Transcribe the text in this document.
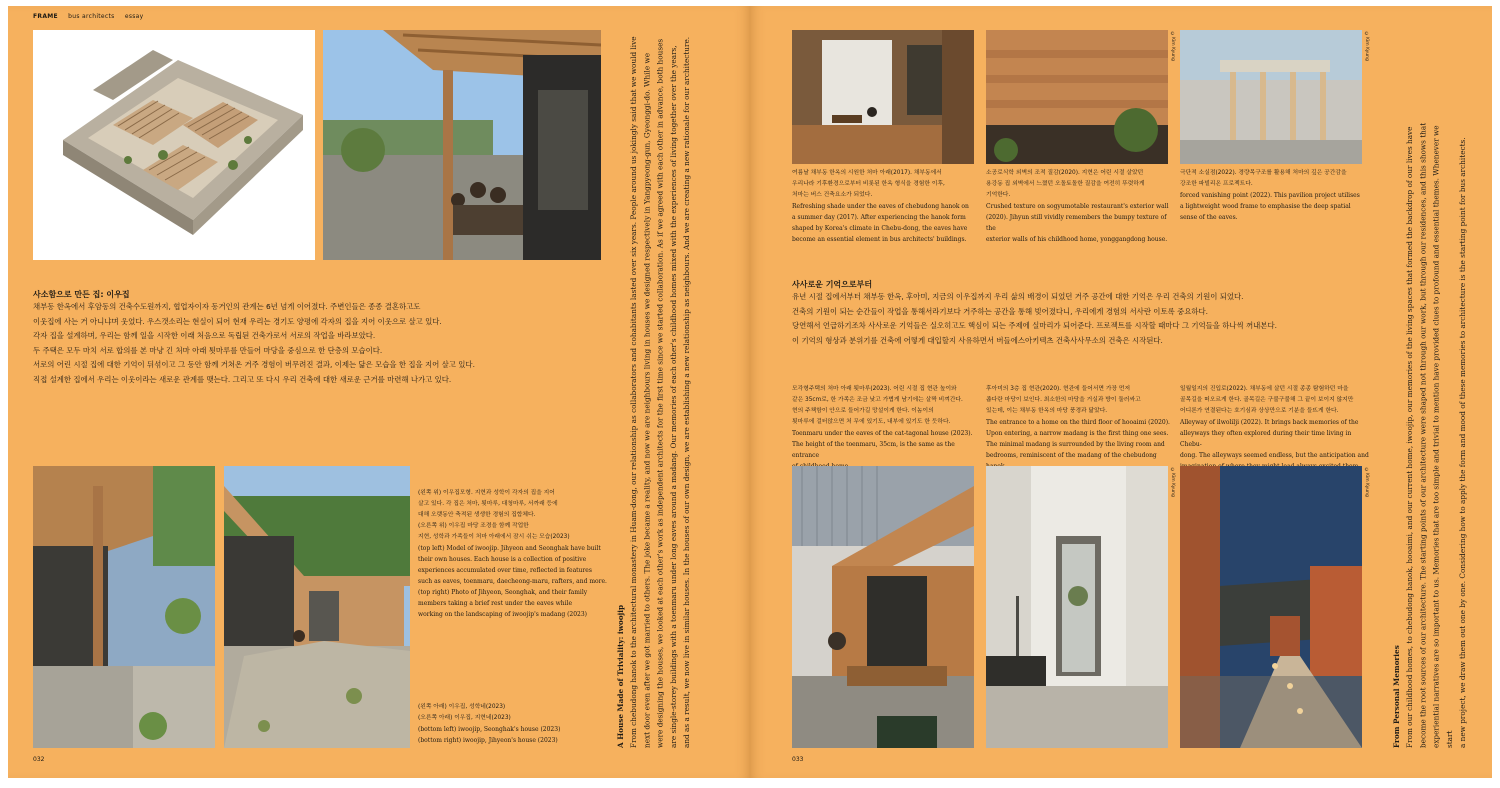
FRAME bus architects essay
사소함으로 만든 집: 이우집
채부동 한옥에서 후암동의 건축수도원까지, 협업자이자 동거인의 관계는 6년 넘게 이어졌다. 주변인들은 종종 결혼하고도
이웃집에 사는 거 아니냐며 웃었다. 우스갯소리는 현실이 되어 현재 우리는 경기도 양평에 각자의 집을 지어 이웃으로 살고 있다.
각자 집을 설계하며, 우리는 함께 일을 시작한 이래 처음으로 독립된 건축가로서 서로의 작업을 바라보았다.
두 주택은 모두 마치 서로 합의를 본 마냥 긴 처마 아래 툇마루를 만들어 마당을 중심으로 한 단층의 모습이다.
서로의 어린 시절 집에 대한 기억이 뒤섞이고 그 동안 함께 거쳐온 거주 경험이 버무려진 결과, 이제는 닮은 모습을 한 집을 지어 살고 있다.
직접 설계한 집에서 우리는 이웃이라는 새로운 관계를 맺는다. 그리고 또 다시 우리 건축에 대한 새로운 근거를 마련해 나가고 있다.
(왼쪽 위) 이우집모형. 지현과 성학이 각자의 집을 지어
살고 있다. 각 집은 처마, 툇마루, 대청마루, 서까래 등에
대해 오랫동안 축적된 생생한 경험의 집합체다.
(오른쪽 위) 이우집 마당 조경을 함께 작업한
지현, 성학과 가족들이 처마 아래에서 잠시 쉬는 모습(2023)
(top left) Model of iwoojip. Jihyeon and Seonghak have built
their own houses. Each house is a collection of positive
experiences accumulated over time, reflected in features
such as eaves, toenmaru, daecheong-maru, rafters, and more.
(top right) Photo of Jihyeon, Seonghak, and their family
members taking a brief rest under the eaves while
working on the landscaping of iwoojip's madang (2023)
(왼쪽 아래) 이우집, 성학네(2023)
(오른쪽 아래) 이우집, 지현네(2023)
(bottom left) iwoojip, Seonghak's house (2023)
(bottom right) iwoojip, Jihyeon's house (2023)	A House Made of Triviality: iwoojip From chebudong hanok to the architectural monastery in Huam-dong, our relationship as collaborators and cohabitants lasted over six years. People around us jokingly said that we would live next door even after we got married to others. The joke became a reality, and now we are neighbours living in houses we designed respectively in Yangpyeong-gun, Gyeonggi-do. While we were designing the houses, we looked at each other's work as independent architects for the first time since we started collaboration. As if we agreed with each other in advance, both houses are single-storey buildings with a toenmaru under long eaves around a madang. Our memories of each other's childhood homes mixed with the experiences of living together over the years, and as a result, we now live in similar houses. In the houses of our own design, we are establishing a new relationship as neighbours. And we are creating a new rationale for our architecture.
032
©Kim Kyung	©Kim Kyung
여름날 채부동 한옥의 시원한 처마 아래(2017). 채부동에서
우리나라 기후환경으로부터 비롯된 한옥 형식을 경험한 이후,
처마는 버스 건축요소가 되었다.
Refreshing shade under the eaves of chebudong hanok on
a summer day (2017). After experiencing the hanok form
shaped by Korea's climate in Chebu-dong, the eaves have
become an essential element in bus architects' buildings.
소공로식학 외벽의 조적 질감(2020). 지현은 어린 시절 살았던
용강동 집 외벽에서 느꼈던 오돌토돌한 질감을 여전히 뚜렷하게
기억한다.
Crushed texture on sogyumotable restaurant's exterior wall
(2020). Jihyun still vividly remembers the bumpy texture of the
exterior walls of his childhood home, yonggangdong house.
극단적 소실점(2022). 경량목구조를 활용해 처마의 깊은 공간감을
강조한 파빌리온 프로젝트다.
forced vanishing point (2022). This pavilion project utilises
a lightweight wood frame to emphasise the deep spatial
sense of the eaves.
사사로운 기억으로부터
유년 시절 집에서부터 채부동 한옥, 후아미, 지금의 이우집까지 우리 삶의 배경이 되었던 거주 공간에 대한 기억은 우리 건축의 기원이 되었다.
건축의 기원이 되는 순간들이 작업을 통해서라기보다 거주하는 공간을 통해 빚어졌다니, 우리에게 경험의 서사란 이토록 중요하다.
당연해서 언급하기조차 사사로운 기억들은 실오히고도 핵심이 되는 주제에 실마리가 되어준다. 프로젝트를 시작할 때마다 그 기억들을 하나씩 꺼내본다.
이 기억의 형상과 분위기를 건축에 어떻게 대입할지 사유하면서 버들에스아키텍츠 건축사사무소의 건축은 시작된다.
모각형주택의 처마 아래 툇마루(2023). 어린 시절 집 현관 높이와
같은 35cm로, 한 가족은 조금 낮고 가볍게 남기에는 살짝 비껴간다.
현의 주책함이 안으로 들어가길 망설이게 한다. 이놈이의
툇마루에 걸터앉으면 처 무에 있기도, 내부에 있기도 한 듯하다.
Toenmaru under the eaves of the cat-tagonal house (2023).
The height of the toenmaru, 35cm, is the same as the entrance
후아미의 3층 집 현관(2020). 현관에 들어서면 가장 먼저
좁다란 마당이 보인다. 최소한의 마당을 거실과 방이 둘러싸고
있는데, 이는 채부동 한옥의 마당 풍경과 닮았다.
The entrance to a home on the third floor of hooaimi (2020).
Upon entering, a narrow madang is the first thing one sees.
The minimal madang is surrounded by the living room and
bedrooms, reminiscent of the madang of the chebudong
일월일지의 진입로(2022). 채부동에 살던 시절 종종 탐험하던 마을
골목길을 떠오르게 한다. 골목길은 구불구불해 그 끝이 보이지 않지만
어디론가 연결된다는 호기심과 상상만으로 기분을 들뜨게 한다.
Alleyway of ilwolilji (2022). It brings back memories of the
alleyways they often explored during their time living in Chebu-
dong. The alleyways seemed endless, but the anticipation and
©Kim Kyung	©Kim Kyung
From Personal Memories From our childhood homes, to chebudong hanok, hooaimi, and our current home, iwoojip, our memories of the living spaces that formed the backdrop of our lives have become the root sources of our architecture. The starting points of our architecture were shaped not through our work, but through our residences, and this shows that experiential narratives are so important to us. Memories that are too simple and trivial to mention have provided clues to profound and essential themes. Whenever we start a new project, we draw them out one by one. Considering how to apply the form and mood of these memories to architecture is the starting point for bus architects.
033
